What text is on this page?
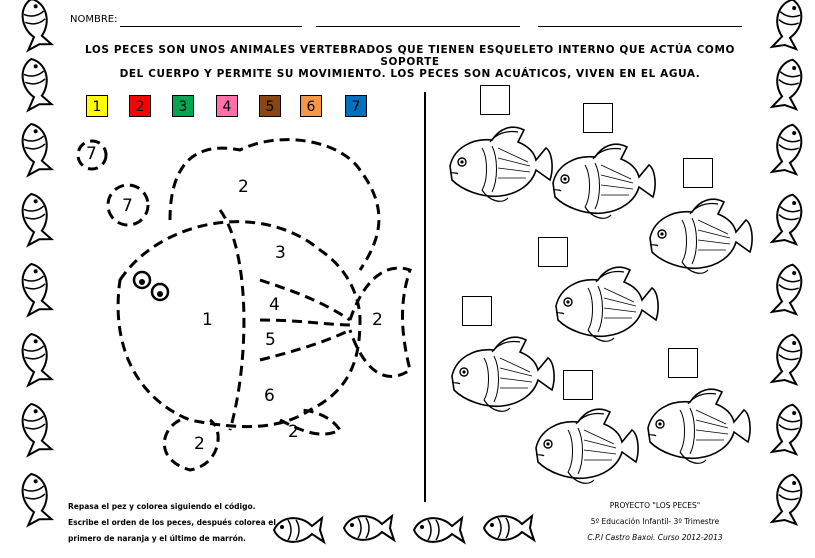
NOMBRE:
LOS PECES SON UNOS ANIMALES VERTEBRADOS QUE TIENEN ESQUELETO INTERNO QUE ACTÚA COMO SOPORTE
DEL CUERPO Y PERMITE SU MOVIMIENTO. LOS PECES SON ACUÁTICOS, VIVEN EN EL AGUA.
1	2	3	4	5	6	7
7
7
2
3
4
5
1	2
6
2
2
Repasa el pez y colorea siguiendo el código.
Escribe el orden de los peces, después colorea el
primero de naranja y el último de marrón.
PROYECTO "LOS PECES"
5º Educación Infantil- 3º Trimestre
C.P.I Castro Baxoi. Curso 2012-2013
